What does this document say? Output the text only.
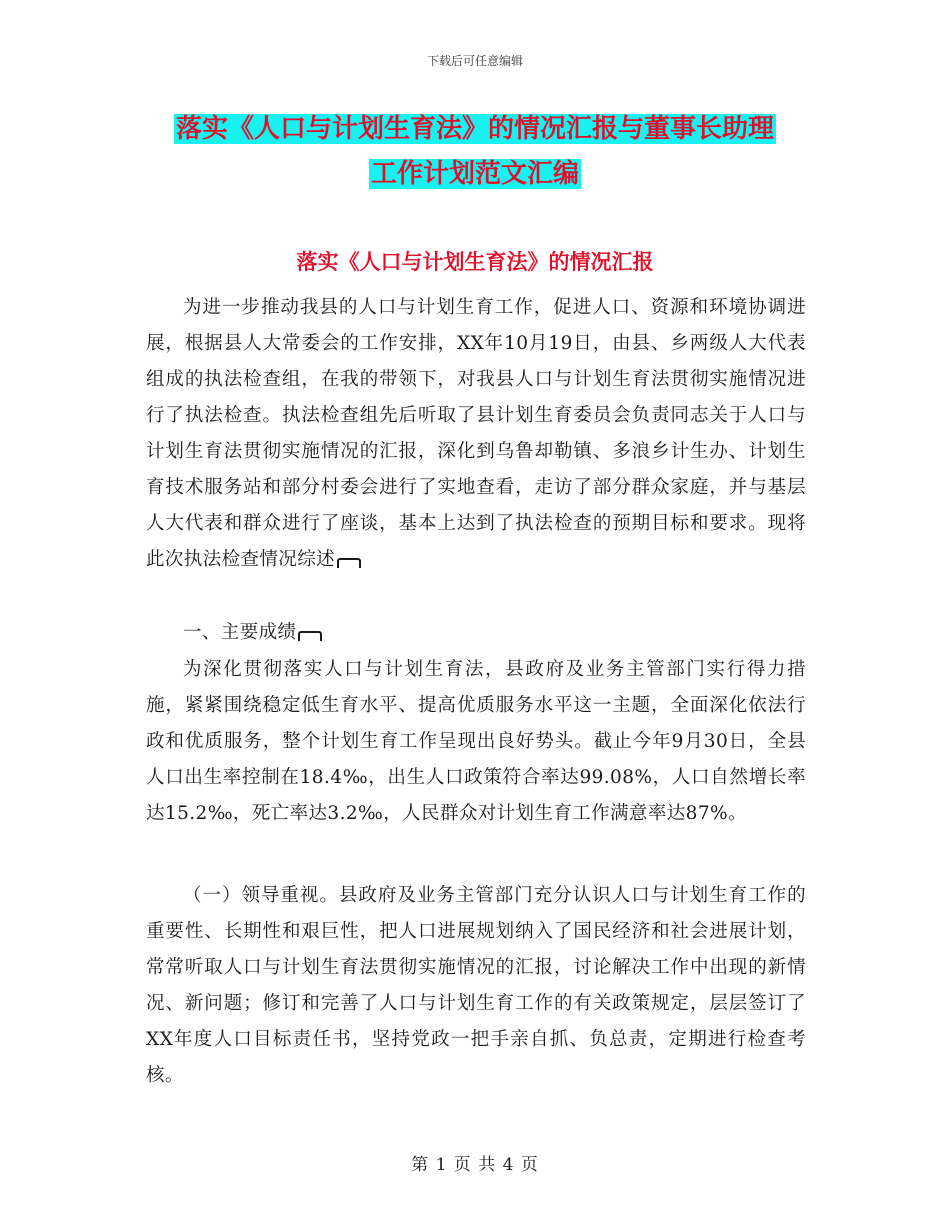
下载后可任意编辑
落实《人口与计划生育法》的情况汇报与董事长助理
工作计划范文汇编
落实《人口与计划生育法》的情况汇报

为进一步推动我县的人口与计划生育工作，促进人口、资源和环境协调进展，根据县人大常委会的工作安排，XX年10月19日，由县、乡两级人大代表组成的执法检查组，在我的带领下，对我县人口与计划生育法贯彻实施情况进行了执法检查。执法检查组先后听取了县计划生育委员会负责同志关于人口与计划生育法贯彻实施情况的汇报，深化到乌鲁却勒镇、多浪乡计生办、计划生育技术服务站和部分村委会进行了实地查看，走访了部分群众家庭，并与基层人大代表和群众进行了座谈，基本上达到了执法检查的预期目标和要求。现将此次执法检查情况综述

一、主要成绩

为深化贯彻落实人口与计划生育法，县政府及业务主管部门实行得力措施，紧紧围绕稳定低生育水平、提高优质服务水平这一主题，全面深化依法行政和优质服务，整个计划生育工作呈现出良好势头。截止今年9月30日，全县人口出生率控制在18.4‰，出生人口政策符合率达99.08%，人口自然增长率达15.2‰，死亡率达3.2‰，人民群众对计划生育工作满意率达87%。

（一）领导重视。县政府及业务主管部门充分认识人口与计划生育工作的重要性、长期性和艰巨性，把人口进展规划纳入了国民经济和社会进展计划，常常听取人口与计划生育法贯彻实施情况的汇报，讨论解决工作中出现的新情况、新问题；修订和完善了人口与计划生育工作的有关政策规定，层层签订了XX年度人口目标责任书，坚持党政一把手亲自抓、负总责，定期进行检查考核。

第 1 页 共 4 页
